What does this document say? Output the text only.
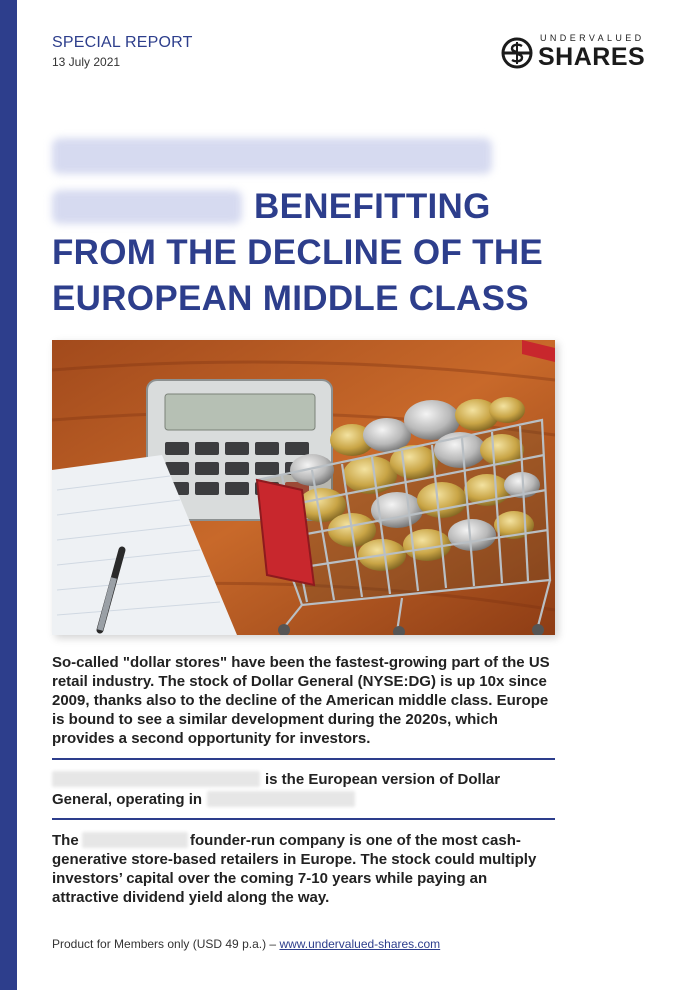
SPECIAL REPORT
13 July 2021
UNDERVALUED
SHARES
BENEFITTING
FROM THE DECLINE OF THE
EUROPEAN MIDDLE CLASS
So-called "dollar stores" have been the fastest-growing part of the US retail industry. The stock of Dollar General (NYSE:DG) is up 10x since 2009, thanks also to the decline of the American middle class. Europe is bound to see a similar development during the 2020s, which provides a second opportunity for investors.
is the European version of Dollar
General, operating in
The	founder-run company is one of the most cash-
generative store-based retailers in Europe. The stock could multiply investors’ capital over the coming 7-10 years while paying an attractive dividend yield along the way.
Product for Members only (USD 49 p.a.) – www.undervalued-shares.com
